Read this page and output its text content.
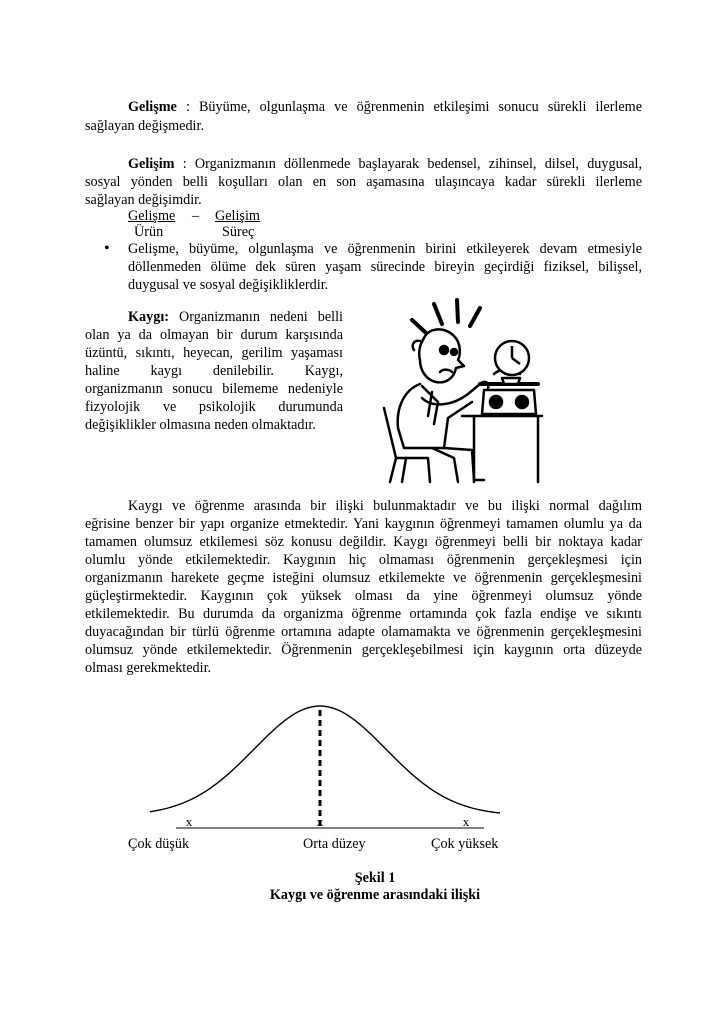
Gelişme : Büyüme, olgunlaşma ve öğrenmenin etkileşimi sonucu sürekli ilerleme

sağlayan değişmedir.

Gelişim : Organizmanın döllenmede başlayarak bedensel, zihinsel, dilsel, duygusal,

sosyal yönden belli koşulları olan en son aşamasına ulaşıncaya kadar sürekli ilerleme

sağlayan değişimdir.

Gelişme – Gelişim
Ürün	Süreç
• Gelişme, büyüme, olgunlaşma ve öğrenmenin birini etkileyerek devam etmesiyle

döllenmeden ölüme dek süren yaşam sürecinde bireyin geçirdiği fiziksel, bilişsel,

duygusal ve sosyal değişikliklerdir.

Kaygı: Organizmanın nedeni belli
olan ya da olmayan bir durum karşısında
üzüntü, sıkıntı, heyecan, gerilim yaşaması
haline kaygı denilebilir. Kaygı,
organizmanın sonucu bilememe nedeniyle
fizyolojik ve psikolojik durumunda
değişiklikler olmasına neden olmaktadır.
Kaygı ve öğrenme arasında bir ilişki bulunmaktadır ve bu ilişki normal dağılım
eğrisine benzer bir yapı organize etmektedir. Yani kaygının öğrenmeyi tamamen olumlu ya da
tamamen olumsuz etkilemesi söz konusu değildir. Kaygı öğrenmeyi belli bir noktaya kadar
olumlu yönde etkilemektedir. Kaygının hiç olmaması öğrenmenin gerçekleşmesi için
organizmanın harekete geçme isteğini olumsuz etkilemekte ve öğrenmenin gerçekleşmesini
güçleştirmektedir. Kaygının çok yüksek olması da yine öğrenmeyi olumsuz yönde
etkilemektedir. Bu durumda da organizma öğrenme ortamında çok fazla endişe ve sıkıntı
duyacağından bir türlü öğrenme ortamına adapte olamamakta ve öğrenmenin gerçekleşmesini
olumsuz yönde etkilemektedir. Öğrenmenin gerçekleşebilmesi için kaygının orta düzeyde
olması gerekmektedir.
x	x	x
Çok düşük	Orta düzey	Çok yüksek
Şekil 1
Kaygı ve öğrenme arasındaki ilişki
